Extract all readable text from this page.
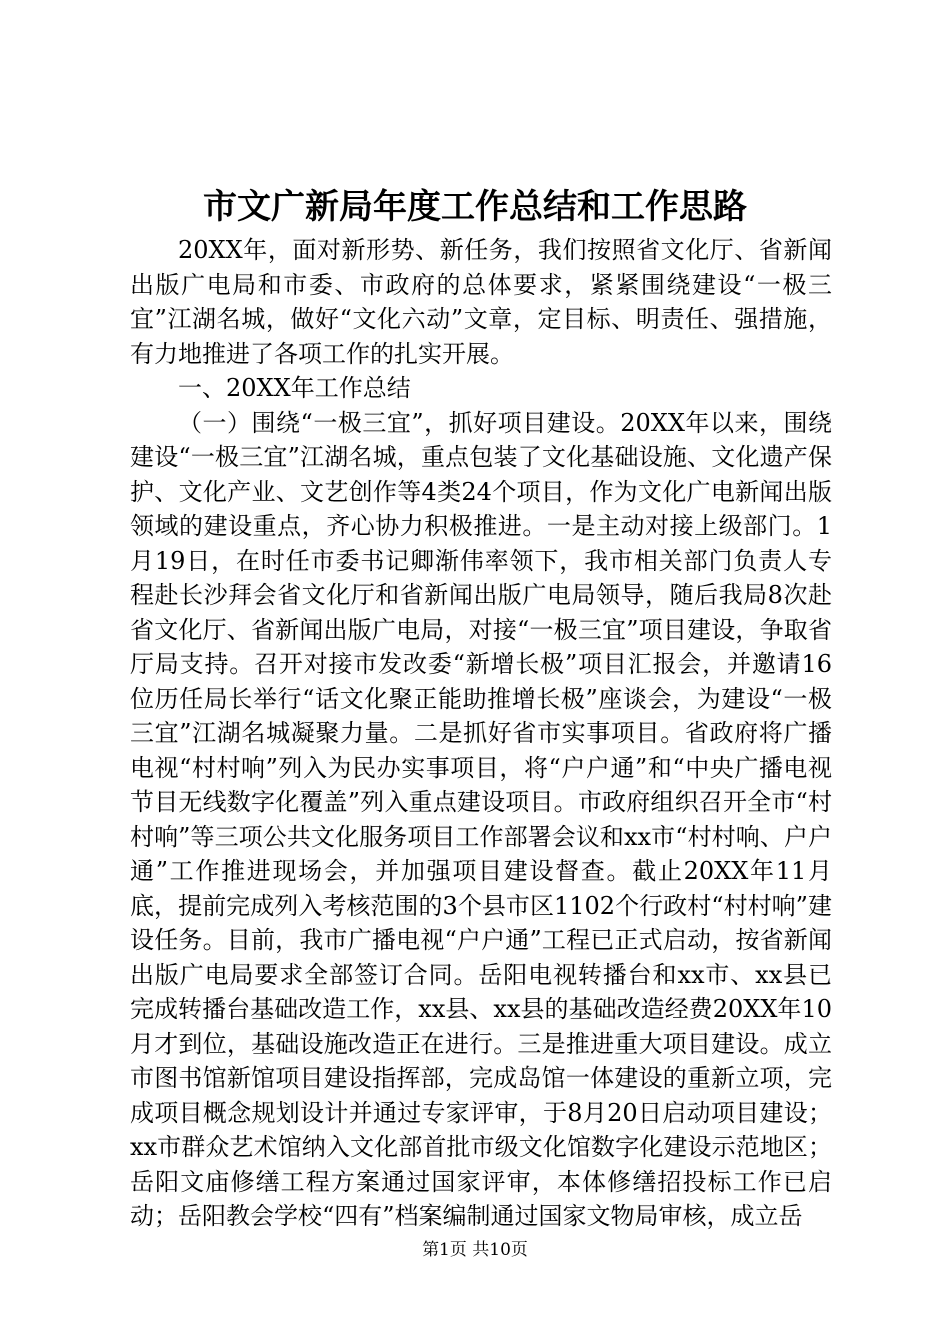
市文广新局年度工作总结和工作思路

20XX年，面对新形势、新任务，我们按照省文化厅、省新闻出版广电局和市委、市政府的总体要求，紧紧围绕建设“一极三宜”江湖名城，做好“文化六动”文章，定目标、明责任、强措施，有力地推进了各项工作的扎实开展。

一、20XX年工作总结

（一）围绕“一极三宜”，抓好项目建设。20XX年以来，围绕建设“一极三宜”江湖名城，重点包装了文化基础设施、文化遗产保护、文化产业、文艺创作等4类24个项目，作为文化广电新闻出版领域的建设重点，齐心协力积极推进。一是主动对接上级部门。1月19日，在时任市委书记卿渐伟率领下，我市相关部门负责人专程赴长沙拜会省文化厅和省新闻出版广电局领导，随后我局8次赴省文化厅、省新闻出版广电局，对接“一极三宜”项目建设，争取省厅局支持。召开对接市发改委“新增长极”项目汇报会，并邀请16位历任局长举行“话文化聚正能助推增长极”座谈会，为建设“一极三宜”江湖名城凝聚力量。二是抓好省市实事项目。省政府将广播电视“村村响”列入为民办实事项目，将“户户通”和“中央广播电视节目无线数字化覆盖”列入重点建设项目。市政府组织召开全市“村村响”等三项公共文化服务项目工作部署会议和xx市“村村响、户户通”工作推进现场会，并加强项目建设督查。截止20XX年11月底，提前完成列入考核范围的3个县市区1102个行政村“村村响”建设任务。目前，我市广播电视“户户通”工程已正式启动，按省新闻出版广电局要求全部签订合同。岳阳电视转播台和xx市、xx县已完成转播台基础改造工作，xx县、xx县的基础改造经费20XX年10月才到位，基础设施改造正在进行。三是推进重大项目建设。成立市图书馆新馆项目建设指挥部，完成岛馆一体建设的重新立项，完成项目概念规划设计并通过专家评审，于8月20日启动项目建设；xx市群众艺术馆纳入文化部首批市级文化馆数字化建设示范地区；岳阳文庙修缮工程方案通过国家评审，本体修缮招投标工作已启动；岳阳教会学校“四有”档案编制通过国家文物局审核，成立岳

第1页 共10页
